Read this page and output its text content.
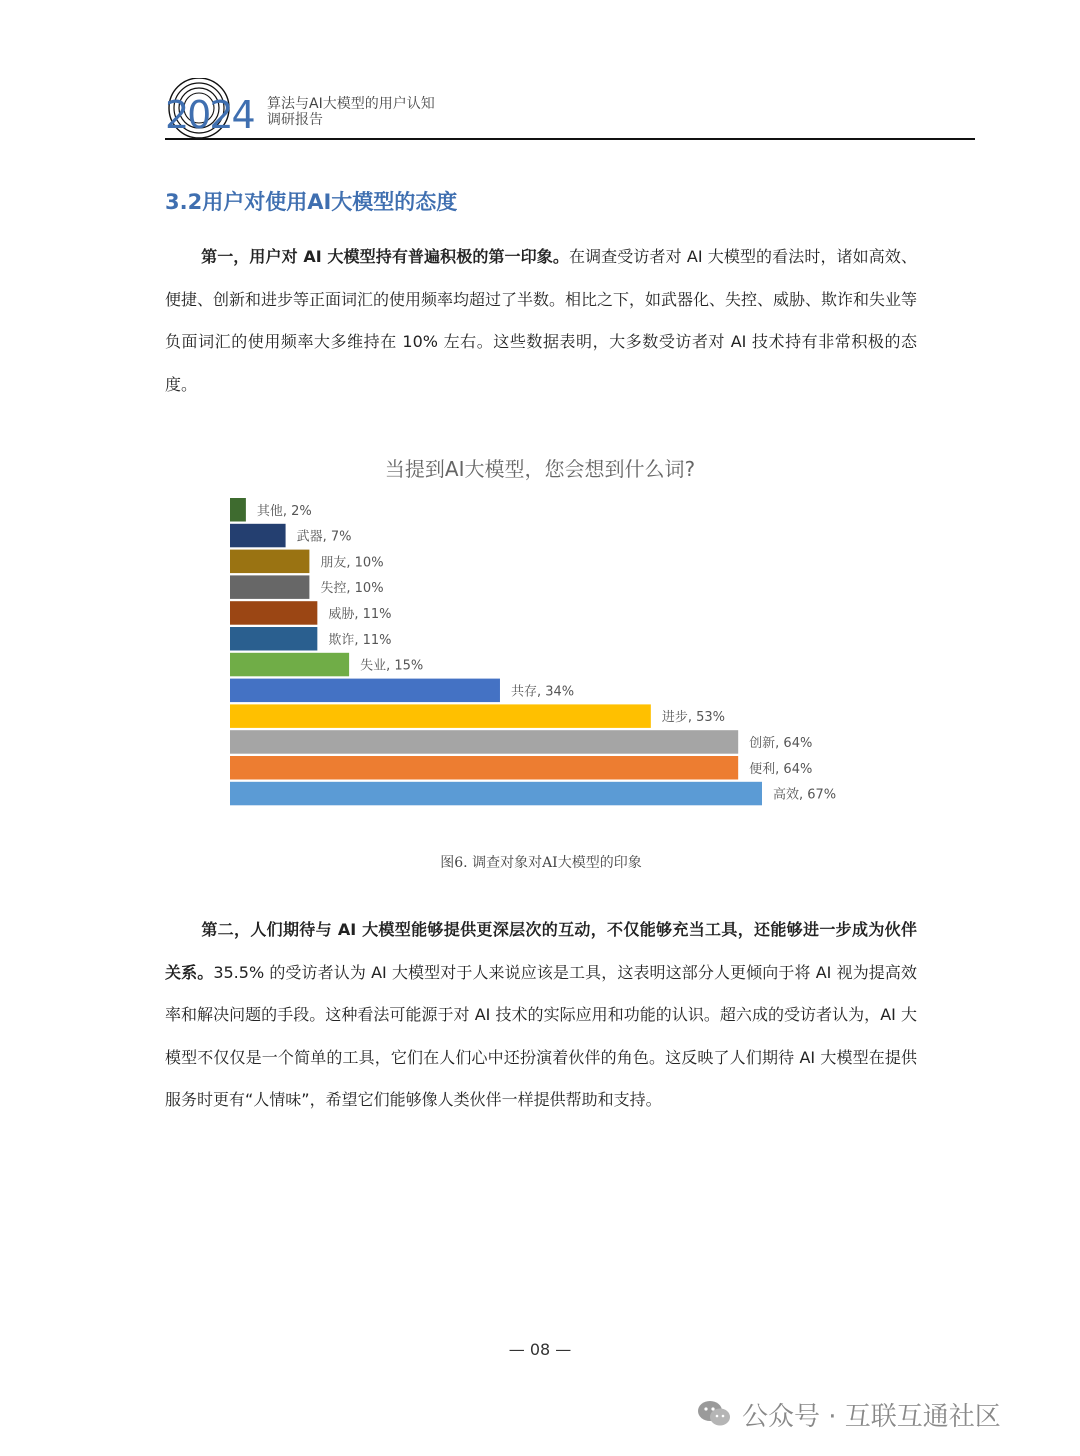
2024 算法与AI大模型的用户认知
调研报告
3.2用户对使用AI大模型的态度
第一，用户对 AI 大模型持有普遍积极的第一印象。在调查受访者对 AI 大模型的看法时，诸如高效、便捷、创新和进步等正面词汇的使用频率均超过了半数。相比之下，如武器化、失控、威胁、欺诈和失业等负面词汇的使用频率大多维持在 10% 左右。这些数据表明，大多数受访者对 AI 技术持有非常积极的态度。
当提到AI大模型，您会想到什么词?
其他, 2%
武器, 7%
朋友, 10%
失控, 10%
威胁, 11%
欺诈, 11%
失业, 15%
共存, 34%
进步, 53%
创新, 64%
便利, 64%
高效, 67%
图6. 调查对象对AI大模型的印象
第二，人们期待与 AI 大模型能够提供更深层次的互动，不仅能够充当工具，还能够进一步成为伙伴关系。35.5% 的受访者认为 AI 大模型对于人来说应该是工具，这表明这部分人更倾向于将 AI 视为提高效率和解决问题的手段。这种看法可能源于对 AI 技术的实际应用和功能的认识。超六成的受访者认为，AI 大模型不仅仅是一个简单的工具，它们在人们心中还扮演着伙伴的角色。这反映了人们期待 AI 大模型在提供服务时更有“人情味”，希望它们能够像人类伙伴一样提供帮助和支持。
— 08 —
公众号 · 互联互通社区
